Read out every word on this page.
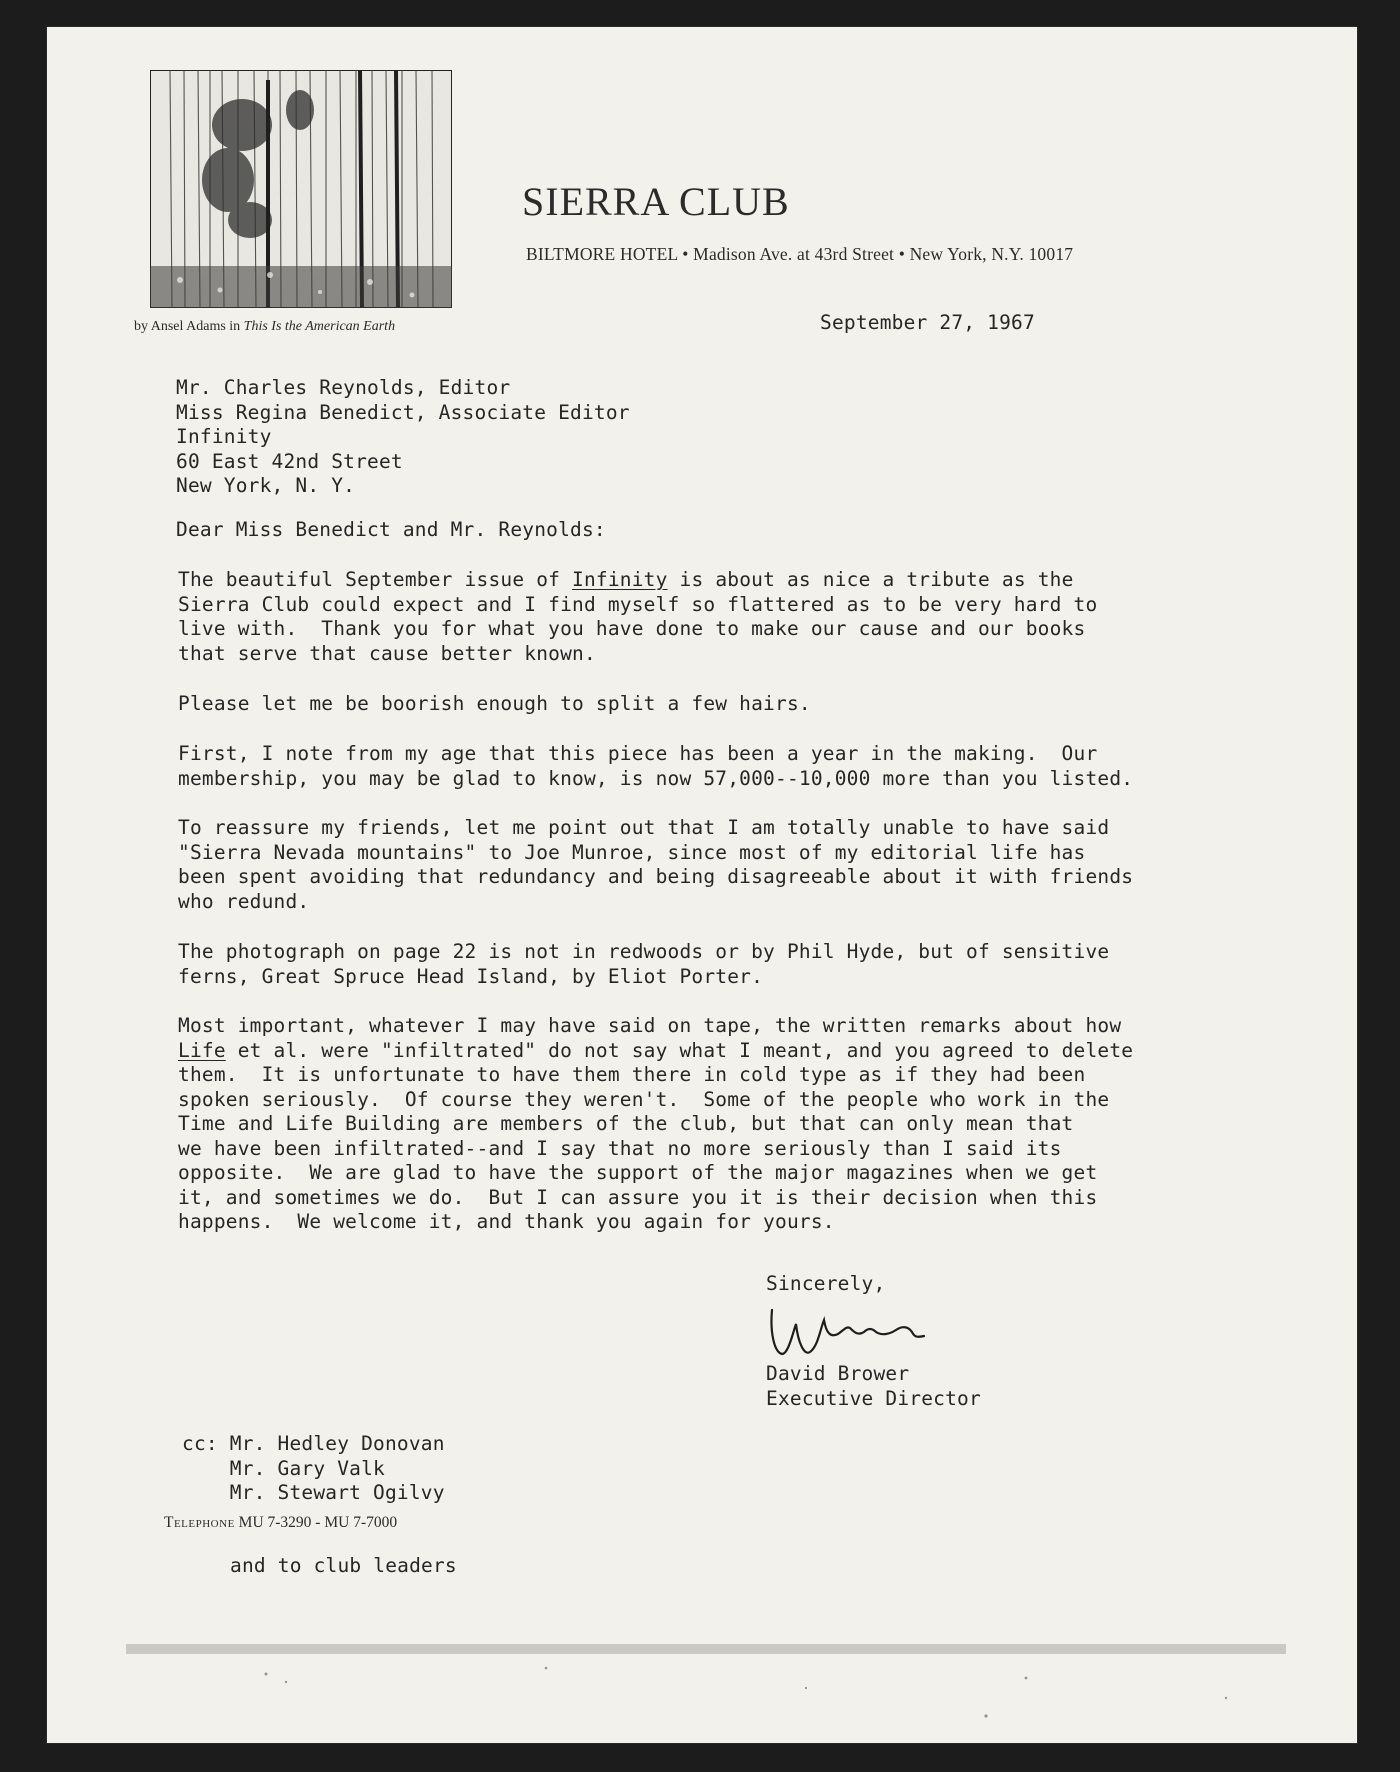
by Ansel Adams in This Is the American Earth
SIERRA CLUB
BILTMORE HOTEL • Madison Ave. at 43rd Street • New York, N.Y. 10017
September 27, 1967
Mr. Charles Reynolds, Editor
Miss Regina Benedict, Associate Editor
Infinity
60 East 42nd Street
New York, N. Y.
Dear Miss Benedict and Mr. Reynolds:
The beautiful September issue of Infinity is about as nice a tribute as the
Sierra Club could expect and I find myself so flattered as to be very hard to
live with.  Thank you for what you have done to make our cause and our books
that serve that cause better known.
Please let me be boorish enough to split a few hairs.
First, I note from my age that this piece has been a year in the making.  Our
membership, you may be glad to know, is now 57,000--10,000 more than you listed.
To reassure my friends, let me point out that I am totally unable to have said
"Sierra Nevada mountains" to Joe Munroe, since most of my editorial life has
been spent avoiding that redundancy and being disagreeable about it with friends
who redund.
The photograph on page 22 is not in redwoods or by Phil Hyde, but of sensitive
ferns, Great Spruce Head Island, by Eliot Porter.
Most important, whatever I may have said on tape, the written remarks about how
Life et al. were "infiltrated" do not say what I meant, and you agreed to delete
them.  It is unfortunate to have them there in cold type as if they had been
spoken seriously.  Of course they weren't.  Some of the people who work in the
Time and Life Building are members of the club, but that can only mean that
we have been infiltrated--and I say that no more seriously than I said its
opposite.  We are glad to have the support of the major magazines when we get
it, and sometimes we do.  But I can assure you it is their decision when this
happens.  We welcome it, and thank you again for yours.
Sincerely,
David Brower
Executive Director
cc: Mr. Hedley Donovan
Mr. Gary Valk
Mr. Stewart Ogilvy
Telephone MU 7-3290 - MU 7-7000
and to club leaders
